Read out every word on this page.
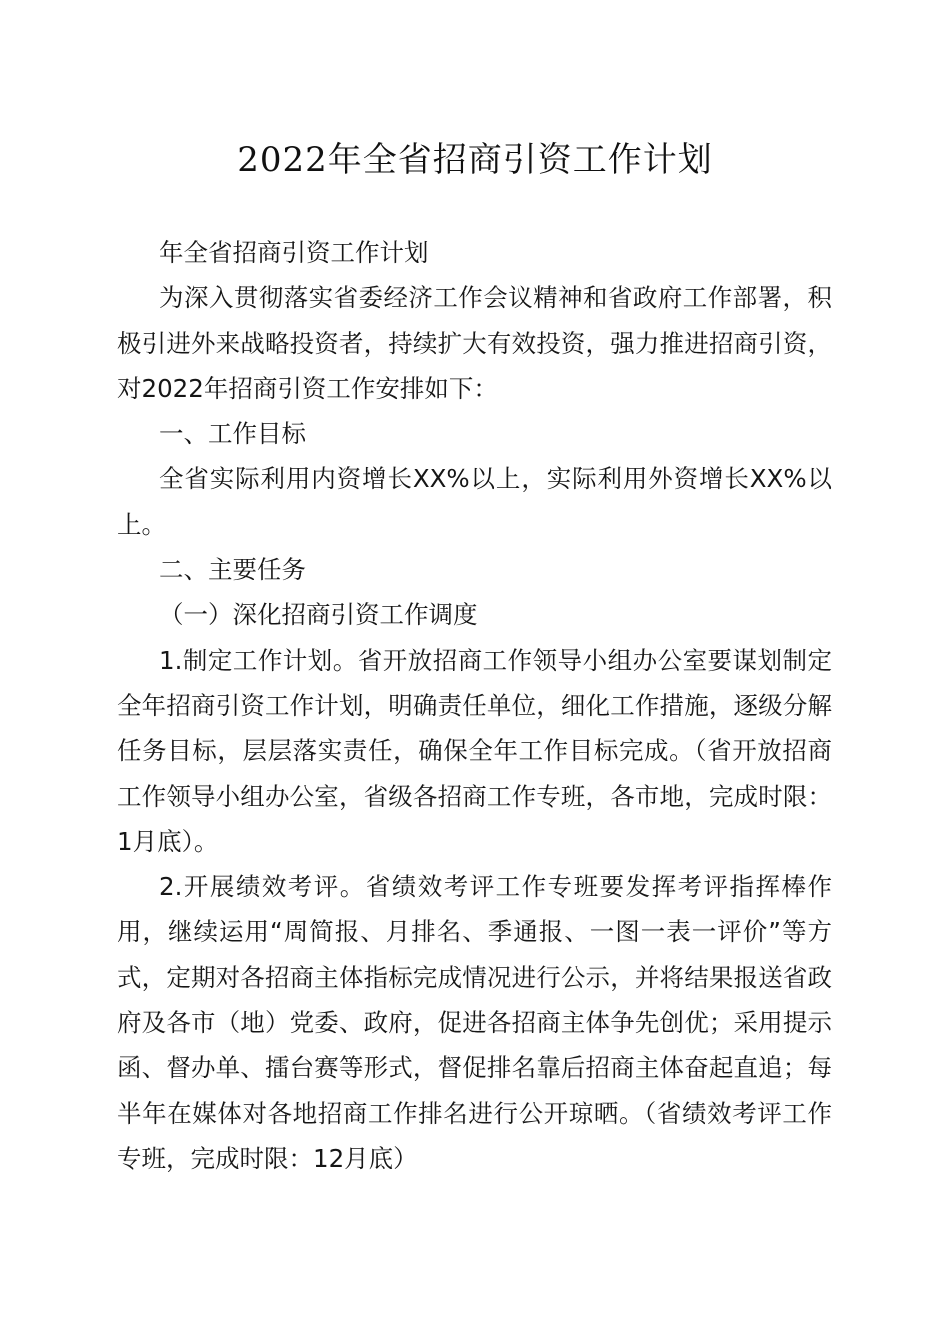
2022年全省招商引资工作计划

年全省招商引资工作计划

为深入贯彻落实省委经济工作会议精神和省政府工作部署，积极引进外来战略投资者，持续扩大有效投资，强力推进招商引资，对2022年招商引资工作安排如下：

一、工作目标

全省实际利用内资增长XX%以上，实际利用外资增长XX%以上。

二、主要任务

（一）深化招商引资工作调度

1.制定工作计划。省开放招商工作领导小组办公室要谋划制定全年招商引资工作计划，明确责任单位，细化工作措施，逐级分解任务目标，层层落实责任，确保全年工作目标完成。（省开放招商工作领导小组办公室，省级各招商工作专班，各市地，完成时限：1月底）。

2.开展绩效考评。省绩效考评工作专班要发挥考评指挥棒作用，继续运用“周简报、月排名、季通报、一图一表一评价”等方式，定期对各招商主体指标完成情况进行公示，并将结果报送省政府及各市（地）党委、政府，促进各招商主体争先创优；采用提示函、督办单、擂台赛等形式，督促排名靠后招商主体奋起直追；每半年在媒体对各地招商工作排名进行公开琼晒。（省绩效考评工作专班，完成时限：12月底）
